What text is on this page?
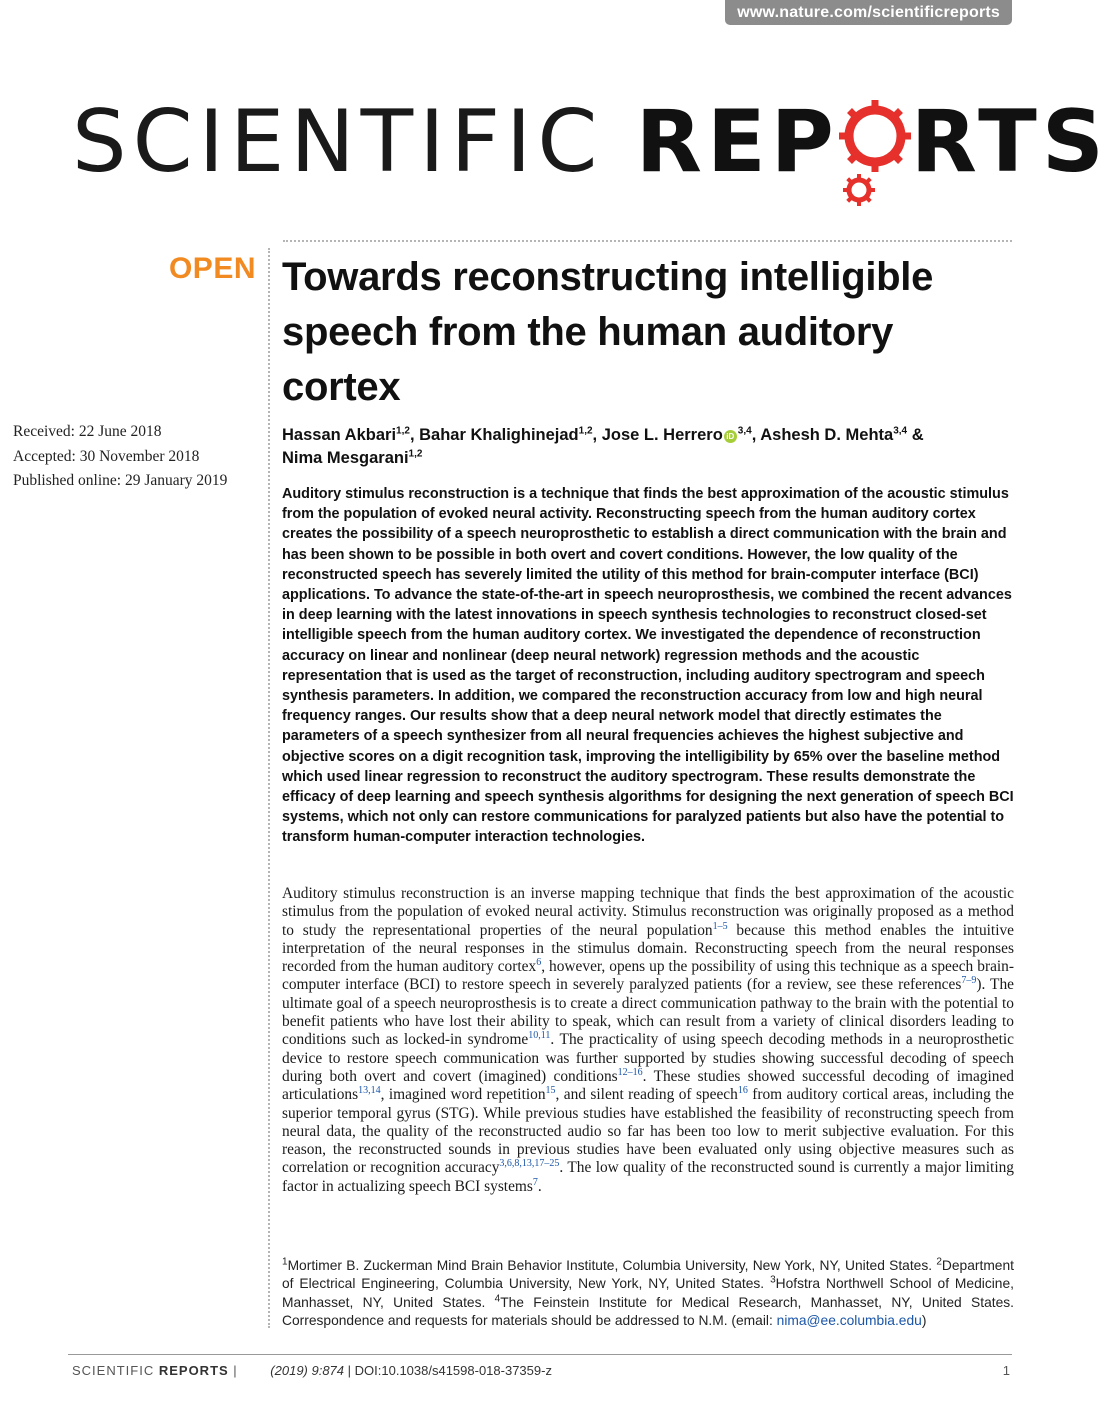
www.nature.com/scientificreports
SCIENTIFIC REP RTS
OPEN
Received: 22 June 2018
Accepted: 30 November 2018
Published online: 29 January 2019
Towards reconstructing intelligible speech from the human auditory cortex
Hassan Akbari$^{1,2}$, Bahar Khalighinejad$^{1,2}$, Jose L. Herrero iD $^{3,4}$, Ashesh D. Mehta$^{3,4}$ &
Nima Mesgarani$^{1,2}$

Auditory stimulus reconstruction is a technique that finds the best approximation of the acoustic stimulus from the population of evoked neural activity. Reconstructing speech from the human auditory cortex creates the possibility of a speech neuroprosthetic to establish a direct communication with the brain and has been shown to be possible in both overt and covert conditions. However, the low quality of the reconstructed speech has severely limited the utility of this method for brain-computer interface (BCI) applications. To advance the state-of-the-art in speech neuroprosthesis, we combined the recent advances in deep learning with the latest innovations in speech synthesis technologies to reconstruct closed-set intelligible speech from the human auditory cortex. We investigated the dependence of reconstruction accuracy on linear and nonlinear (deep neural network) regression methods and the acoustic representation that is used as the target of reconstruction, including auditory spectrogram and speech synthesis parameters. In addition, we compared the reconstruction accuracy from low and high neural frequency ranges. Our results show that a deep neural network model that directly estimates the parameters of a speech synthesizer from all neural frequencies achieves the highest subjective and objective scores on a digit recognition task, improving the intelligibility by 65% over the baseline method which used linear regression to reconstruct the auditory spectrogram. These results demonstrate the efficacy of deep learning and speech synthesis algorithms for designing the next generation of speech BCI systems, which not only can restore communications for paralyzed patients but also have the potential to transform human-computer interaction technologies.

Auditory stimulus reconstruction is an inverse mapping technique that finds the best approximation of the acoustic stimulus from the population of evoked neural activity. Stimulus reconstruction was originally proposed as a method to study the representational properties of the neural population$^{1-5}$ because this method enables the intuitive interpretation of the neural responses in the stimulus domain. Reconstructing speech from the neural responses recorded from the human auditory cortex$^6$, however, opens up the possibility of using this technique as a speech brain-computer interface (BCI) to restore speech in severely paralyzed patients (for a review, see these references$^{7-9}$). The ultimate goal of a speech neuroprosthesis is to create a direct communication pathway to the brain with the potential to benefit patients who have lost their ability to speak, which can result from a variety of clinical disorders leading to conditions such as locked-in syndrome$^{10,11}$. The practicality of using speech decoding methods in a neuroprosthetic device to restore speech communication was further supported by studies showing successful decoding of speech during both overt and covert (imagined) conditions$^{12-16}$. These studies showed successful decoding of imagined articulations$^{13,14}$, imagined word repetition$^{15}$, and silent reading of speech$^{16}$ from auditory cortical areas, including the superior temporal gyrus (STG). While previous studies have established the feasibility of reconstructing speech from neural data, the quality of the reconstructed audio so far has been too low to merit subjective evaluation. For this reason, the reconstructed sounds in previous studies have been evaluated only using objective measures such as correlation or recognition accuracy$^{3,6,8,13,17-25}$. The low quality of the reconstructed sound is currently a major limiting factor in actualizing speech BCI systems$^7$.

$^1$Mortimer B. Zuckerman Mind Brain Behavior Institute, Columbia University, New York, NY, United States. $^2$Department of Electrical Engineering, Columbia University, New York, NY, United States. $^3$Hofstra Northwell School of Medicine, Manhasset, NY, United States. $^4$The Feinstein Institute for Medical Research, Manhasset, NY, United States. Correspondence and requests for materials should be addressed to N.M. (email: nima@ee.columbia.edu)

SCIENTIFIC REPORTS | (2019) 9:874 | DOI:10.1038/s41598-018-37359-z	1
